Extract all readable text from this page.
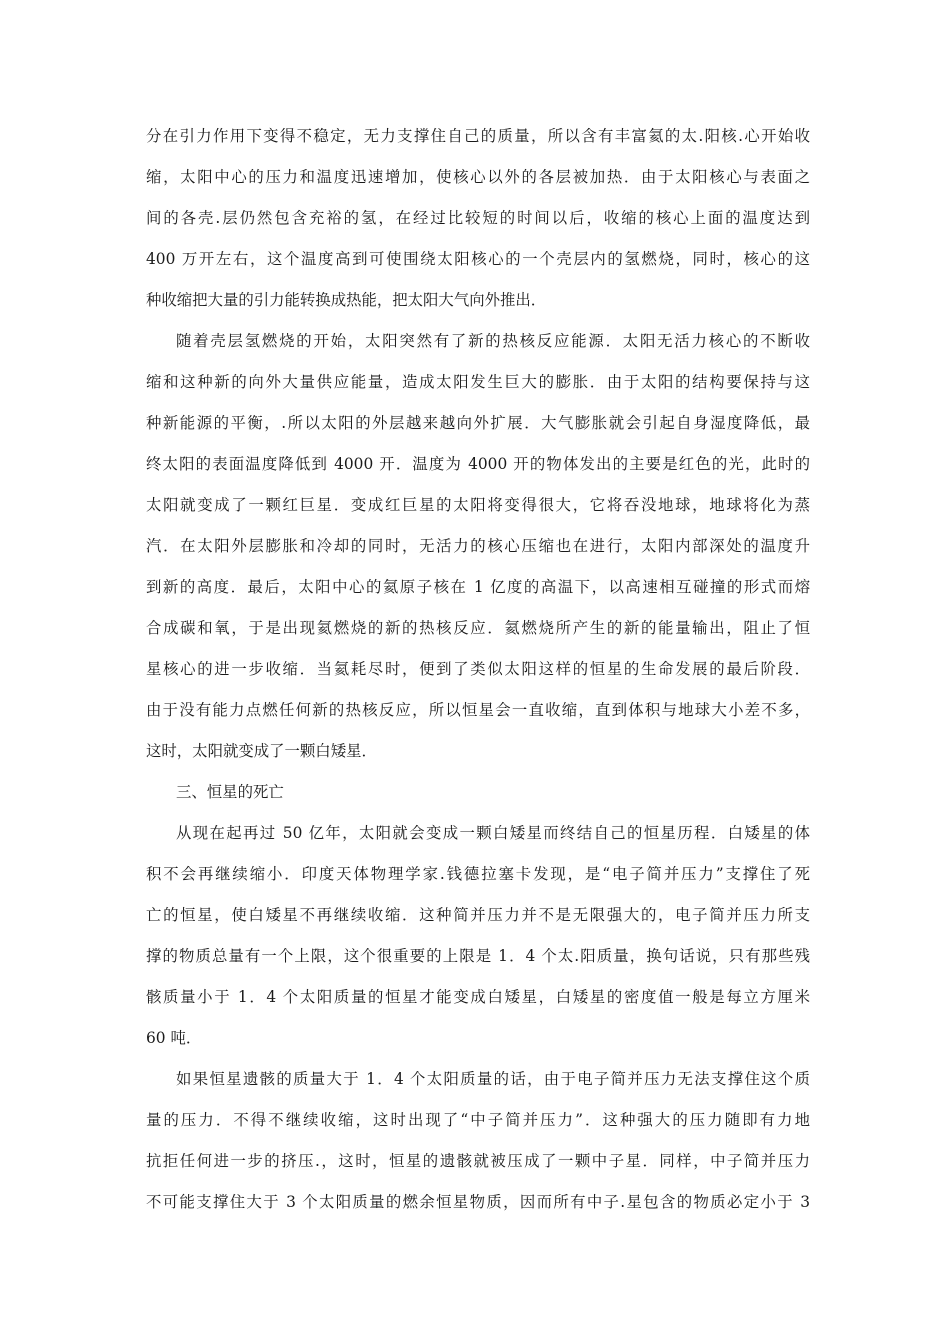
分在引力作用下变得不稳定，无力支撑住自己的质量，所以含有丰富氦的太.阳核.心开始收
缩，太阳中心的压力和温度迅速增加，使核心以外的各层被加热．由于太阳核心与表面之
间的各壳.层仍然包含充裕的氢，在经过比较短的时间以后，收缩的核心上面的温度达到
400 万开左右，这个温度高到可使围绕太阳核心的一个壳层内的氢燃烧，同时，核心的这
种收缩把大量的引力能转换成热能，把太阳大气向外推出．
随着壳层氢燃烧的开始，太阳突然有了新的热核反应能源．太阳无活力核心的不断收
缩和这种新的向外大量供应能量，造成太阳发生巨大的膨胀．由于太阳的结构要保持与这
种新能源的平衡，.所以太阳的外层越来越向外扩展．大气膨胀就会引起自身湿度降低，最
终太阳的表面温度降低到 4000 开．温度为 4000 开的物体发出的主要是红色的光，此时的
太阳就变成了一颗红巨星．变成红巨星的太阳将变得很大，它将吞没地球，地球将化为蒸
汽．在太阳外层膨胀和冷却的同时，无活力的核心压缩也在进行，太阳内部深处的温度升
到新的高度．最后，太阳中心的氦原子核在 1 亿度的高温下，以高速相互碰撞的形式而熔
合成碳和氧，于是出现氦燃烧的新的热核反应．氦燃烧所产生的新的能量输出，阻止了恒
星核心的进一步收缩．当氦耗尽时，便到了类似太阳这样的恒星的生命发展的最后阶段．
由于没有能力点燃任何新的热核反应，所以恒星会一直收缩，直到体积与地球大小差不多，
这时，太阳就变成了一颗白矮星．
三、恒星的死亡
从现在起再过 50 亿年，太阳就会变成一颗白矮星而终结自己的恒星历程．白矮星的体
积不会再继续缩小．印度天体物理学家.钱德拉塞卡发现，是“电子简并压力”支撑住了死
亡的恒星，使白矮星不再继续收缩．这种简并压力并不是无限强大的，电子简并压力所支
撑的物质总量有一个上限，这个很重要的上限是 1．4 个太.阳质量，换句话说，只有那些残
骸质量小于 1．4 个太阳质量的恒星才能变成白矮星，白矮星的密度值一般是每立方厘米
60 吨．
如果恒星遗骸的质量大于 1．4 个太阳质量的话，由于电子简并压力无法支撑住这个质
量的压力．不得不继续收缩，这时出现了“中子简并压力”．这种强大的压力随即有力地
抗拒任何进一步的挤压.，这时，恒星的遗骸就被压成了一颗中子星．同样，中子简并压力
不可能支撑住大于 3 个太阳质量的燃余恒星物质，因而所有中子.星包含的物质必定小于 3
